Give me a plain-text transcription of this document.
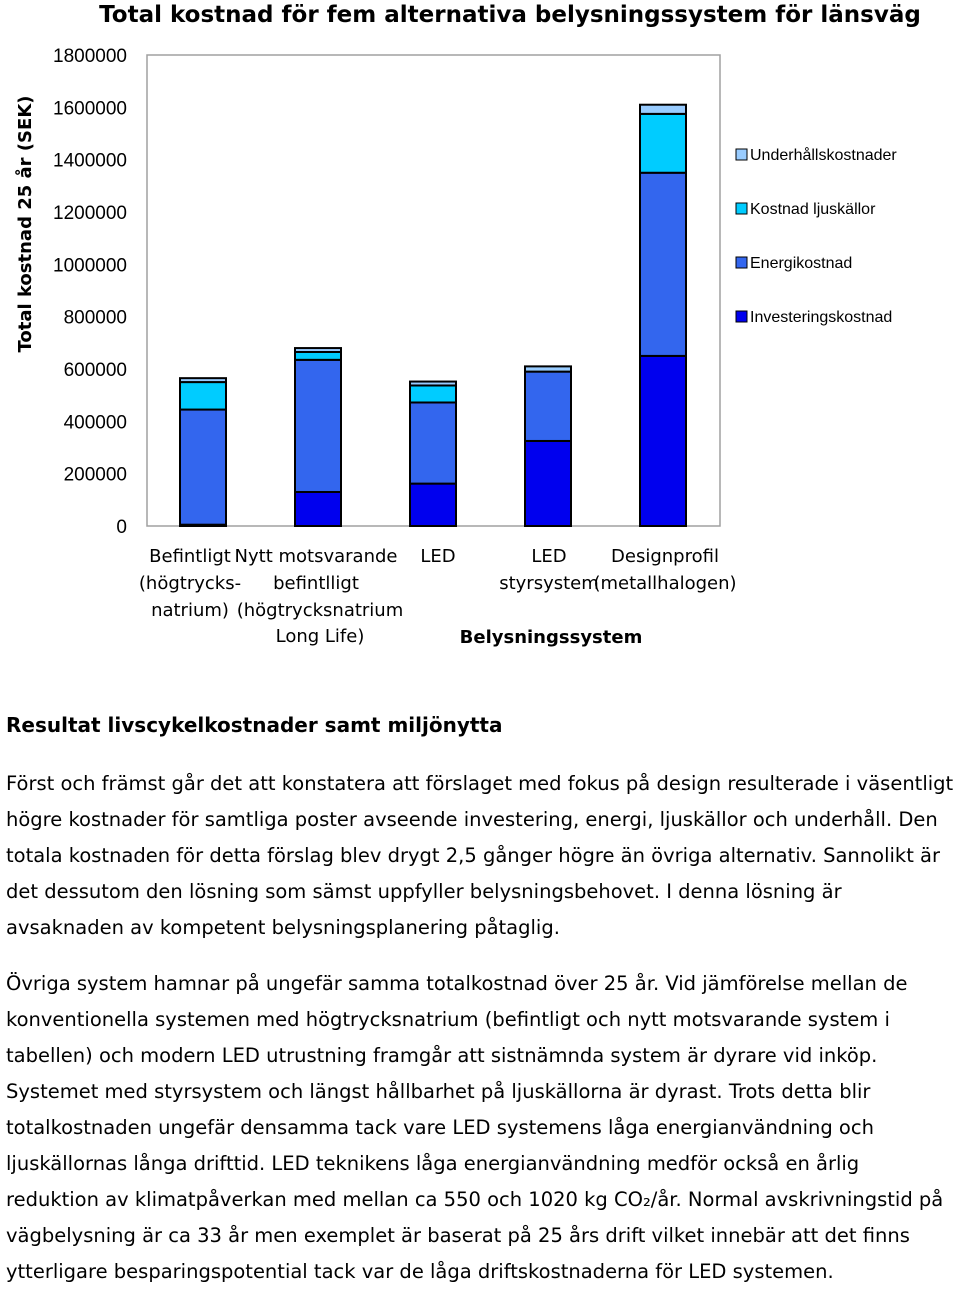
Total kostnad för fem alternativa belysningssystem för länsväg
Total kostnad 25 år (SEK)
0
200000
400000
600000
800000
1000000
1200000
1400000
1600000
1800000
Befintligt (högtrycks-natrium)
Nytt motsvarande befintlligt (högtrycksnatrium Long Life)
LED	LED styrsystem
Designprofil (metallhalogen)
Belysningssystem
Underhållskostnader
Kostnad ljuskällor
Energikostnad
Investeringskostnad

Resultat livscykelkostnader samt miljönytta

Först och främst går det att konstatera att förslaget med fokus på design resulterade i väsentligt högre kostnader för samtliga poster avseende investering, energi, ljuskällor och underhåll. Den totala kostnaden för detta förslag blev drygt 2,5 gånger högre än övriga alternativ. Sannolikt är det dessutom den lösning som sämst uppfyller belysningsbehovet. I denna lösning är avsaknaden av kompetent belysningsplanering påtaglig.

Övriga system hamnar på ungefär samma totalkostnad över 25 år. Vid jämförelse mellan de konventionella systemen med högtrycksnatrium (befintligt och nytt motsvarande system i tabellen) och modern LED utrustning framgår att sistnämnda system är dyrare vid inköp. Systemet med styrsystem och längst hållbarhet på ljuskällorna är dyrast. Trots detta blir totalkostnaden ungefär densamma tack vare LED systemens låga energianvändning och ljuskällornas långa drifttid. LED teknikens låga energianvändning medför också en årlig reduktion av klimatpåverkan med mellan ca 550 och 1020 kg CO₂/år. Normal avskrivningstid på vägbelysning är ca 33 år men exemplet är baserat på 25 års drift vilket innebär att det finns ytterligare besparingspotential tack var de låga driftskostnaderna för LED systemen.
